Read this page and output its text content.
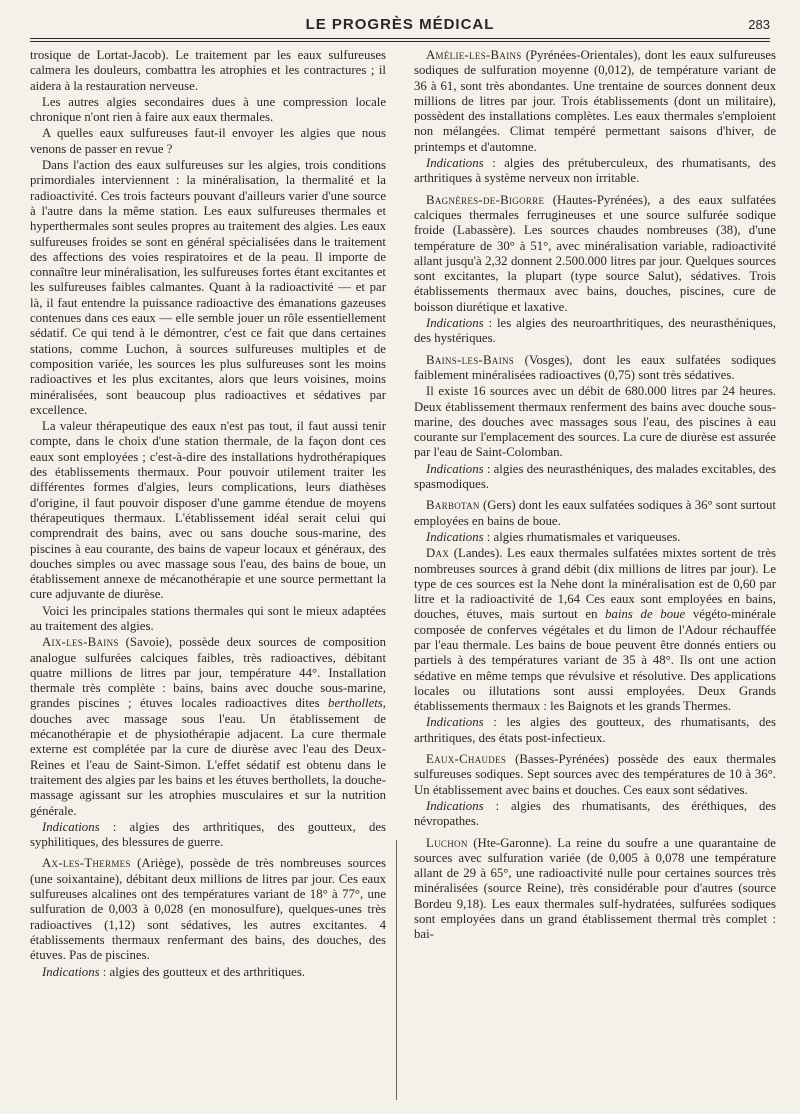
LE PROGRÈS MÉDICAL	283

trosique de Lortat-Jacob). Le traitement par les eaux sulfureuses calmera les douleurs, combattra les atrophies et les contractures ; il aidera à la restauration nerveuse.

Les autres algies secondaires dues à une compression locale chronique n'ont rien à faire aux eaux thermales.

A quelles eaux sulfureuses faut-il envoyer les algies que nous venons de passer en revue ?

Dans l'action des eaux sulfureuses sur les algies, trois conditions primordiales interviennent : la minéralisation, la thermalité et la radioactivité. Ces trois facteurs pouvant d'ailleurs varier d'une source à l'autre dans la même station. Les eaux sulfureuses thermales et hyperthermales sont seules propres au traitement des algies. Les eaux sulfureuses froides se sont en général spécialisées dans le traitement des affections des voies respiratoires et de la peau. Il importe de connaître leur minéralisation, les sulfureuses fortes étant excitantes et les sulfureuses faibles calmantes. Quant à la radioactivité — et par là, il faut entendre la puissance radioactive des émanations gazeuses contenues dans ces eaux — elle semble jouer un rôle essentiellement sédatif. Ce qui tend à le démontrer, c'est ce fait que dans certaines stations, comme Luchon, à sources sulfureuses multiples et de composition variée, les sources les plus sulfureuses sont les moins radioactives et les plus excitantes, alors que leurs voisines, moins minéralisées, sont beaucoup plus radioactives et sédatives par excellence.

La valeur thérapeutique des eaux n'est pas tout, il faut aussi tenir compte, dans le choix d'une station thermale, de la façon dont ces eaux sont employées ; c'est-à-dire des installations hydrothérapiques des établissements thermaux. Pour pouvoir utilement traiter les différentes formes d'algies, leurs complications, leurs diathèses d'origine, il faut pouvoir disposer d'une gamme étendue de moyens thérapeutiques thermaux. L'établissement idéal serait celui qui comprendrait des bains, avec ou sans douche sous-marine, des piscines à eau courante, des bains de vapeur locaux et généraux, des douches simples ou avec massage sous l'eau, des bains de boue, un établissement annexe de mécanothérapie et une source permettant la cure adjuvante de diurèse.

Voici les principales stations thermales qui sont le mieux adaptées au traitement des algies.

Aix-les-Bains (Savoie), possède deux sources de composition analogue sulfurées calciques faibles, très radioactives, débitant quatre millions de litres par jour, température 44°. Installation thermale très complète : bains, bains avec douche sous-marine, grandes piscines ; étuves locales radioactives dites berthollets, douches avec massage sous l'eau. Un établissement de mécanothérapie et de physiothérapie adjacent. La cure thermale externe est complétée par la cure de diurèse avec l'eau des Deux-Reines et l'eau de Saint-Simon. L'effet sédatif est obtenu dans le traitement des algies par les bains et les étuves berthollets, la douche-massage agissant sur les atrophies musculaires et sur la nutrition générale.

Indications : algies des arthritiques, des goutteux, des syphilitiques, des blessures de guerre.

Ax-les-Thermes (Ariège), possède de très nombreuses sources (une soixantaine), débitant deux millions de litres par jour. Ces eaux sulfureuses alcalines ont des températures variant de 18° à 77°, une sulfuration de 0,003 à 0,028 (en monosulfure), quelques-unes très radioactives (1,12) sont sédatives, les autres excitantes. 4 établissements thermaux renfermant des bains, des douches, des étuves. Pas de piscines.

Indications : algies des goutteux et des arthritiques.

Amélie-les-Bains (Pyrénées-Orientales), dont les eaux sulfureuses sodiques de sulfuration moyenne (0,012), de température variant de 36 à 61, sont très abondantes. Une trentaine de sources donnent deux millions de litres par jour. Trois établissements (dont un militaire), possèdent des installations complètes. Les eaux thermales s'emploient non mélangées. Climat tempéré permettant saisons d'hiver, de printemps et d'automne.

Indications : algies des prétuberculeux, des rhumatisants, des arthritiques à système nerveux non irritable.

Bagnères-de-Bigorre (Hautes-Pyrénées), a des eaux sulfatées calciques thermales ferrugineuses et une source sulfurée sodique froide (Labassère). Les sources chaudes nombreuses (38), d'une température de 30° à 51°, avec minéralisation variable, radioactivité allant jusqu'à 2,32 donnent 2.500.000 litres par jour. Quelques sources sont excitantes, la plupart (type source Salut), sédatives. Trois établissements thermaux avec bains, douches, piscines, cure de boisson diurétique et laxative.

Indications : les algies des neuroarthritiques, des neurasthéniques, des hystériques.

Bains-les-Bains (Vosges), dont les eaux sulfatées sodiques faiblement minéralisées radioactives (0,75) sont très sédatives.

Il existe 16 sources avec un débit de 680.000 litres par 24 heures. Deux établissement thermaux renferment des bains avec douche sous-marine, des douches avec massages sous l'eau, des piscines à eau courante sur l'emplacement des sources. La cure de diurèse est assurée par l'eau de Saint-Colomban.

Indications : algies des neurasthéniques, des malades excitables, des spasmodiques.

Barbotan (Gers) dont les eaux sulfatées sodiques à 36° sont surtout employées en bains de boue.

Indications : algies rhumatismales et variqueuses.

Dax (Landes). Les eaux thermales sulfatées mixtes sortent de très nombreuses sources à grand débit (dix millions de litres par jour). Le type de ces sources est la Nehe dont la minéralisation est de 0,60 par litre et la radioactivité de 1,64 Ces eaux sont employées en bains, douches, étuves, mais surtout en bains de boue végéto-minérale composée de conferves végétales et du limon de l'Adour réchauffée par l'eau thermale. Les bains de boue peuvent être donnés entiers ou partiels à des températures variant de 35 à 48°. Ils ont une action sédative en même temps que révulsive et résolutive. Des applications locales ou illutations sont aussi employées. Deux Grands établissements thermaux : les Baignots et les grands Thermes.

Indications : les algies des goutteux, des rhumatisants, des arthritiques, des états post-infectieux.

Eaux-Chaudes (Basses-Pyrénées) possède des eaux thermales sulfureuses sodiques. Sept sources avec des températures de 10 à 36°. Un établissement avec bains et douches. Ces eaux sont sédatives.

Indications : algies des rhumatisants, des éréthiques, des névropathes.

Luchon (Hte-Garonne). La reine du soufre a une quarantaine de sources avec sulfuration variée (de 0,005 à 0,078 une température allant de 29 à 65°, une radioactivité nulle pour certaines sources très minéralisées (source Reine), très considérable pour d'autres (source Bordeu 9,18). Les eaux thermales sulf-hydratées, sulfurées sodiques sont employées dans un grand établissement thermal très complet : bai-
